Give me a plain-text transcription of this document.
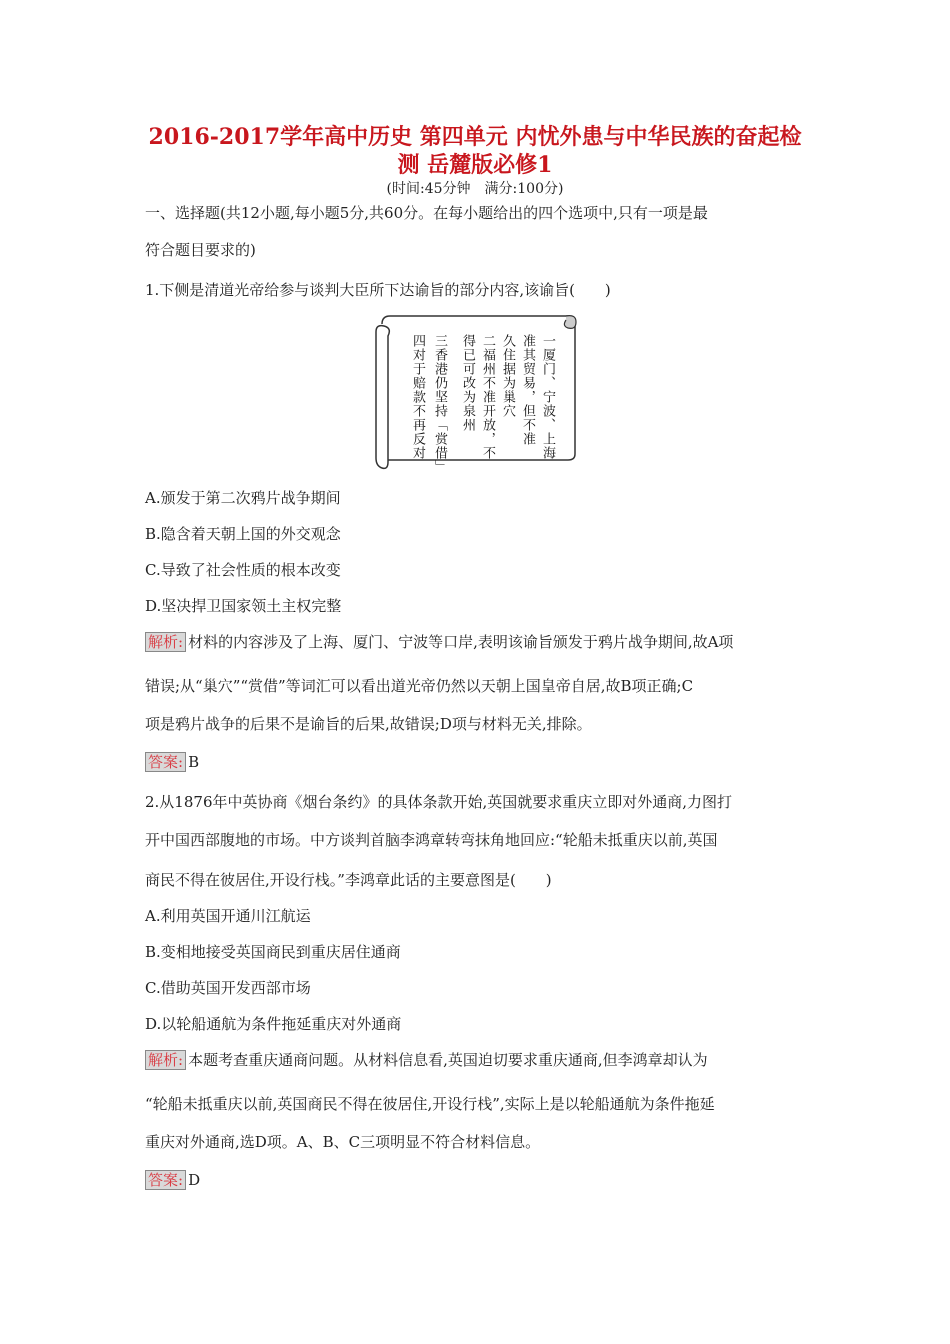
2016-2017学年高中历史 第四单元 内忧外患与中华民族的奋起检
测 岳麓版必修1
(时间:45分钟　满分:100分)
一、选择题(共12小题,每小题5分,共60分。在每小题给出的四个选项中,只有一项是最
符合题目要求的)
1.下侧是清道光帝给参与谈判大臣所下达谕旨的部分内容,该谕旨(　　)
一厦门、宁波、上海
准其贸易，但不准
久住据为巢穴
二福州不准开放，不
得已可改为泉州
三香港仍坚持「赏借」
四对于赔款不再反对
A.颁发于第二次鸦片战争期间
B.隐含着天朝上国的外交观念
C.导致了社会性质的根本改变
D.坚决捍卫国家领土主权完整
解析: 材料的内容涉及了上海、厦门、宁波等口岸,表明该谕旨颁发于鸦片战争期间,故A项
错误;从“巢穴”“赏借”等词汇可以看出道光帝仍然以天朝上国皇帝自居,故B项正确;C
项是鸦片战争的后果不是谕旨的后果,故错误;D项与材料无关,排除。
答案: B
2.从1876年中英协商《烟台条约》的具体条款开始,英国就要求重庆立即对外通商,力图打
开中国西部腹地的市场。中方谈判首脑李鸿章转弯抹角地回应:“轮船未抵重庆以前,英国
商民不得在彼居住,开设行栈。”李鸿章此话的主要意图是(　　)
A.利用英国开通川江航运
B.变相地接受英国商民到重庆居住通商
C.借助英国开发西部市场
D.以轮船通航为条件拖延重庆对外通商
解析: 本题考查重庆通商问题。从材料信息看,英国迫切要求重庆通商,但李鸿章却认为
“轮船未抵重庆以前,英国商民不得在彼居住,开设行栈”,实际上是以轮船通航为条件拖延
重庆对外通商,选D项。A、B、C三项明显不符合材料信息。
答案: D
